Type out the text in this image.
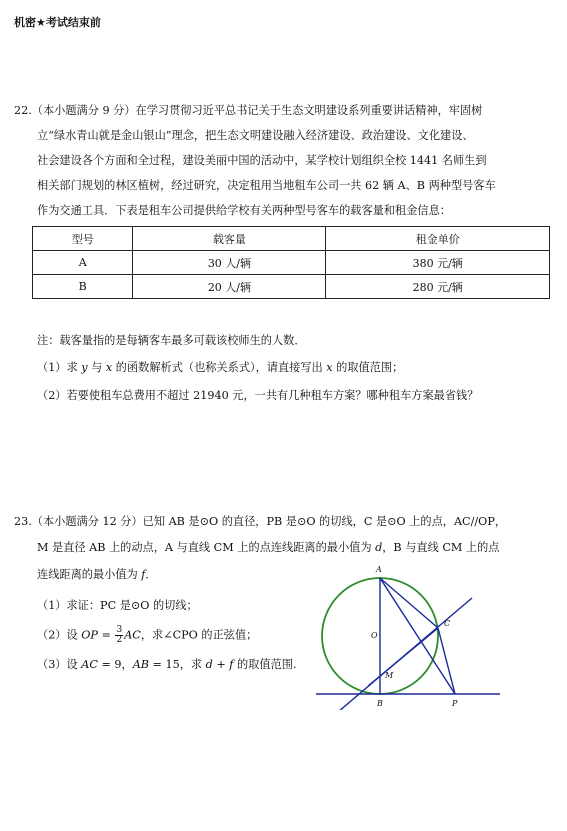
机密★考试结束前
22.（本小题满分 9 分）在学习贯彻习近平总书记关于生态文明建设系列重要讲话精神，牢固树
立“绿水青山就是金山银山”理念，把生态文明建设融入经济建设、政治建设、文化建设、
社会建设各个方面和全过程，建设美丽中国的活动中，某学校计划组织全校 1441 名师生到
相关部门规划的林区植树，经过研究，决定租用当地租车公司一共 62 辆 A、B 两种型号客车
作为交通工具．下表是租车公司提供给学校有关两种型号客车的载客量和租金信息：
型号	载客量	租金单价
A	30 人/辆	380 元/辆
B	20 人/辆	280 元/辆
注：载客量指的是每辆客车最多可载该校师生的人数．
（1）求 y 与 x 的函数解析式（也称关系式），请直接写出 x 的取值范围；
（2）若要使租车总费用不超过 21940 元，一共有几种租车方案？哪种租车方案最省钱？
23.（本小题满分 12 分）已知 AB 是⊙O 的直径，PB 是⊙O 的切线，C 是⊙O 上的点，AC//OP，
M 是直径 AB 上的动点，A 与直线 CM 上的点连线距离的最小值为 d，B 与直线 CM 上的点
连线距离的最小值为 f．
（1）求证：PC 是⊙O 的切线；
（2）设 OP = $\frac{3}{2}$ AC，求∠CPO 的正弦值；
（3）设 AC = 9，AB = 15，求 d + f 的取值范围.
A
O
C
M
B	P
